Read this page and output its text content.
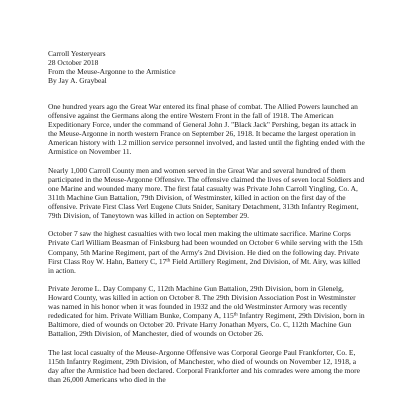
Carroll Yesteryears
28 October 2018
From the Meuse-Argonne to the Armistice
By Jay A. Graybeal

One hundred years ago the Great War entered its final phase of combat. The Allied Powers launched an offensive against the Germans along the entire Western Front in the fall of 1918. The American Expeditionary Force, under the command of General John J. "Black Jack" Pershing, began its attack in the Meuse-Argonne in north western France on September 26, 1918. It became the largest operation in American history with 1.2 million service personnel involved, and lasted until the fighting ended with the Armistice on November 11.

Nearly 1,000 Carroll County men and women served in the Great War and several hundred of them participated in the Meuse-Argonne Offensive. The offensive claimed the lives of seven local Soldiers and one Marine and wounded many more. The first fatal casualty was Private John Carroll Yingling, Co. A, 311th Machine Gun Battalion, 79th Division, of Westminster, killed in action on the first day of the offensive. Private First Class Verl Eugene Cluts Snider, Sanitary Detachment, 313th Infantry Regiment, 79th Division, of Taneytown was killed in action on September 29.

October 7 saw the highest casualties with two local men making the ultimate sacrifice. Marine Corps Private Carl William Beasman of Finksburg had been wounded on October 6 while serving with the 15th Company, 5th Marine Regiment, part of the Army's 2nd Division. He died on the following day. Private First Class Roy W. Hahn, Battery C, 17th Field Artillery Regiment, 2nd Division, of Mt. Airy, was killed in action.

Private Jerome L. Day Company C, 112th Machine Gun Battalion, 29th Division, born in Glenelg, Howard County, was killed in action on October 8. The 29th Division Association Post in Westminster was named in his honor when it was founded in 1932 and the old Westminster Armory was recently rededicated for him. Private William Bunke, Company A, 115th Infantry Regiment, 29th Division, born in Baltimore, died of wounds on October 20. Private Harry Jonathan Myers, Co. C, 112th Machine Gun Battalion, 29th Division, of Manchester, died of wounds on October 26.

The last local casualty of the Meuse-Argonne Offensive was Corporal George Paul Frankforter, Co. E, 115th Infantry Regiment, 29th Division, of Manchester, who died of wounds on November 12, 1918, a day after the Armistice had been declared. Corporal Frankforter and his comrades were among the more than 26,000 Americans who died in the
